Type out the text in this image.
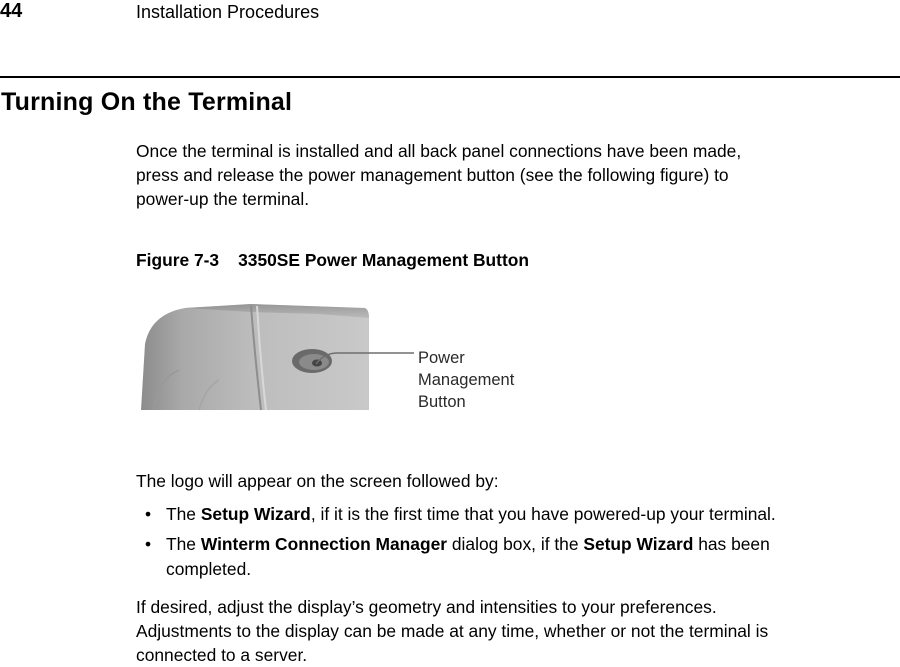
44	Installation Procedures
Turning On the Terminal
Once the terminal is installed and all back panel connections have been made,
press and release the power management button (see the following figure) to
power-up the terminal.
Figure 7-3 3350SE Power Management Button
Power
Management
Button
The logo will appear on the screen followed by:
• The Setup Wizard, if it is the first time that you have powered-up your terminal.
• The Winterm Connection Manager dialog box, if the Setup Wizard has been
completed.
If desired, adjust the display’s geometry and intensities to your preferences.
Adjustments to the display can be made at any time, whether or not the terminal is
connected to a server.
